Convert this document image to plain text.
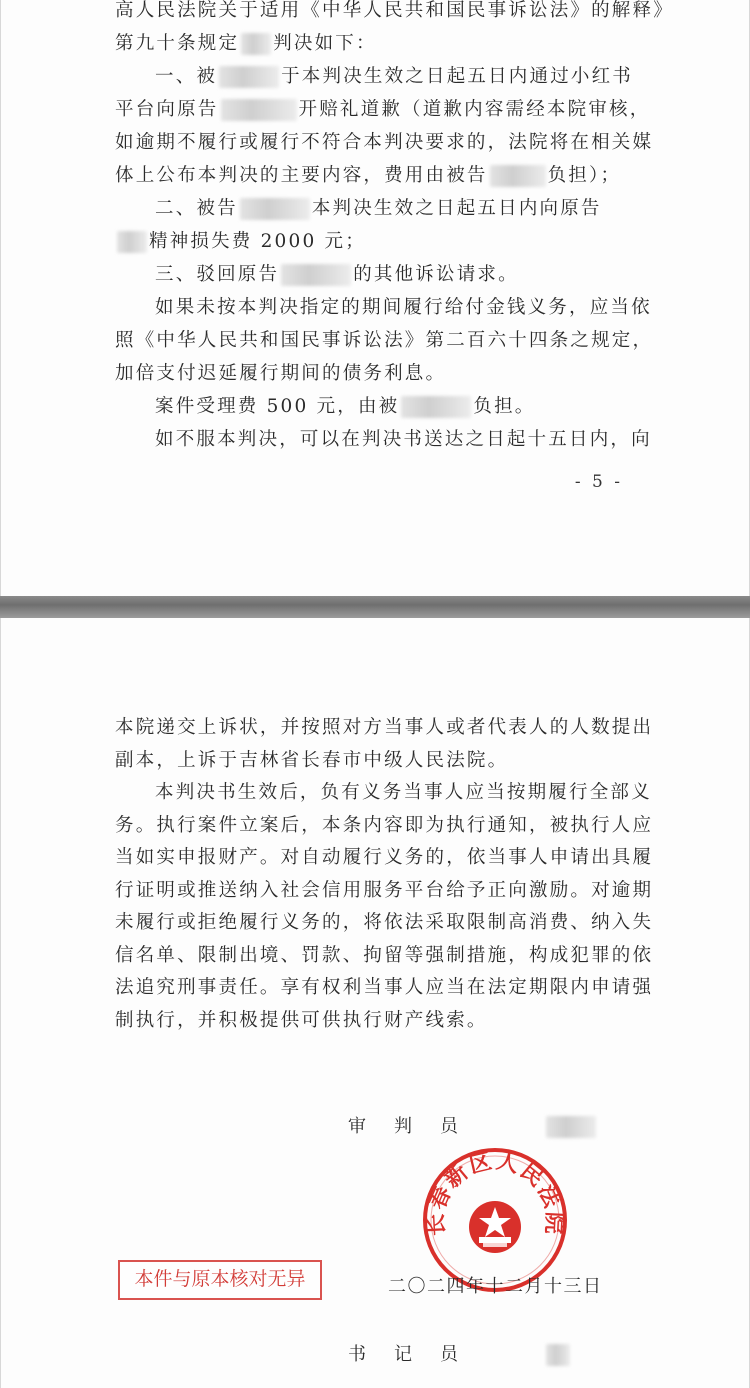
高人民法院关于适用《中华人民共和国民事诉讼法》的解释》
第九十条规定 判决如下：
一、被	于本判决生效之日起五日内通过小红书
平台向原告	开赔礼道歉（道歉内容需经本院审核，
如逾期不履行或履行不符合本判决要求的，法院将在相关媒
体上公布本判决的主要内容，费用由被告	负担）；
二、被告	本判决生效之日起五日内向原告
精神损失费 2000 元；
三、驳回原告	的其他诉讼请求。
如果未按本判决指定的期间履行给付金钱义务，应当依
照《中华人民共和国民事诉讼法》第二百六十四条之规定，
加倍支付迟延履行期间的债务利息。
案件受理费 500 元，由被	负担。
如不服本判决，可以在判决书送达之日起十五日内，向
- 5 -
本院递交上诉状，并按照对方当事人或者代表人的人数提出
副本，上诉于吉林省长春市中级人民法院。
本判决书生效后，负有义务当事人应当按期履行全部义
务。执行案件立案后，本条内容即为执行通知，被执行人应
当如实申报财产。对自动履行义务的，依当事人申请出具履
行证明或推送纳入社会信用服务平台给予正向激励。对逾期
未履行或拒绝履行义务的，将依法采取限制高消费、纳入失
信名单、限制出境、罚款、拘留等强制措施，构成犯罪的依
法追究刑事责任。享有权利当事人应当在法定期限内申请强
制执行，并积极提供可供执行财产线索。
审判员
长春新区人民法院
本件与原本核对无异	二〇二四年十二月十三日
书记员
